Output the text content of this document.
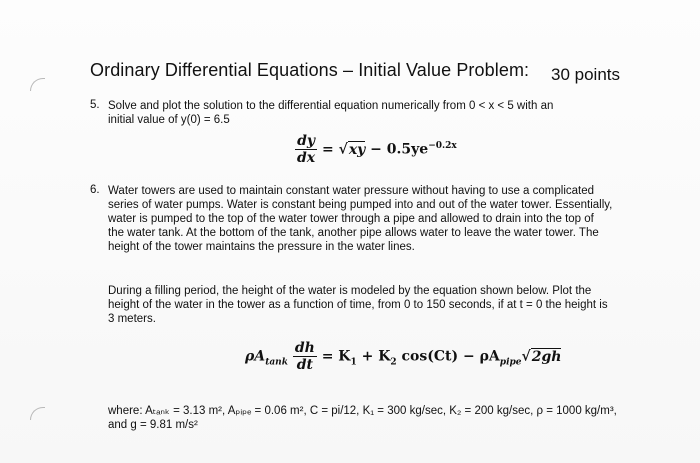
Ordinary Differential Equations – Initial Value Problem: 30 points
5. Solve and plot the solution to the differential equation numerically from 0 < x < 5 with an
initial value of y(0) = 6.5
$\frac{dy}{dx} = √xy - 0.5ye^{-0.2x}$
6. Water towers are used to maintain constant water pressure without having to use a complicated
series of water pumps. Water is constant being pumped into and out of the water tower. Essentially,
water is pumped to the top of the water tower through a pipe and allowed to drain into the top of
the water tank. At the bottom of the tank, another pipe allows water to leave the water tower. The
height of the tower maintains the pressure in the water lines.
During a filling period, the height of the water is modeled by the equation shown below. Plot the
height of the water in the tower as a function of time, from 0 to 150 seconds, if at t = 0 the height is
3 meters.
$\rho A_{tank} \frac{dh}{dt} = K_1 + K_2$ $\cos(Ct) - \rho A_{pipe}√2gh$
where: Aₜₐₙₖ = 3.13 m², Aₚᵢₚₑ = 0.06 m², C = pi/12, K₁ = 300 kg/sec, K₂ = 200 kg/sec, ρ = 1000 kg/m³,
and g = 9.81 m/s²
